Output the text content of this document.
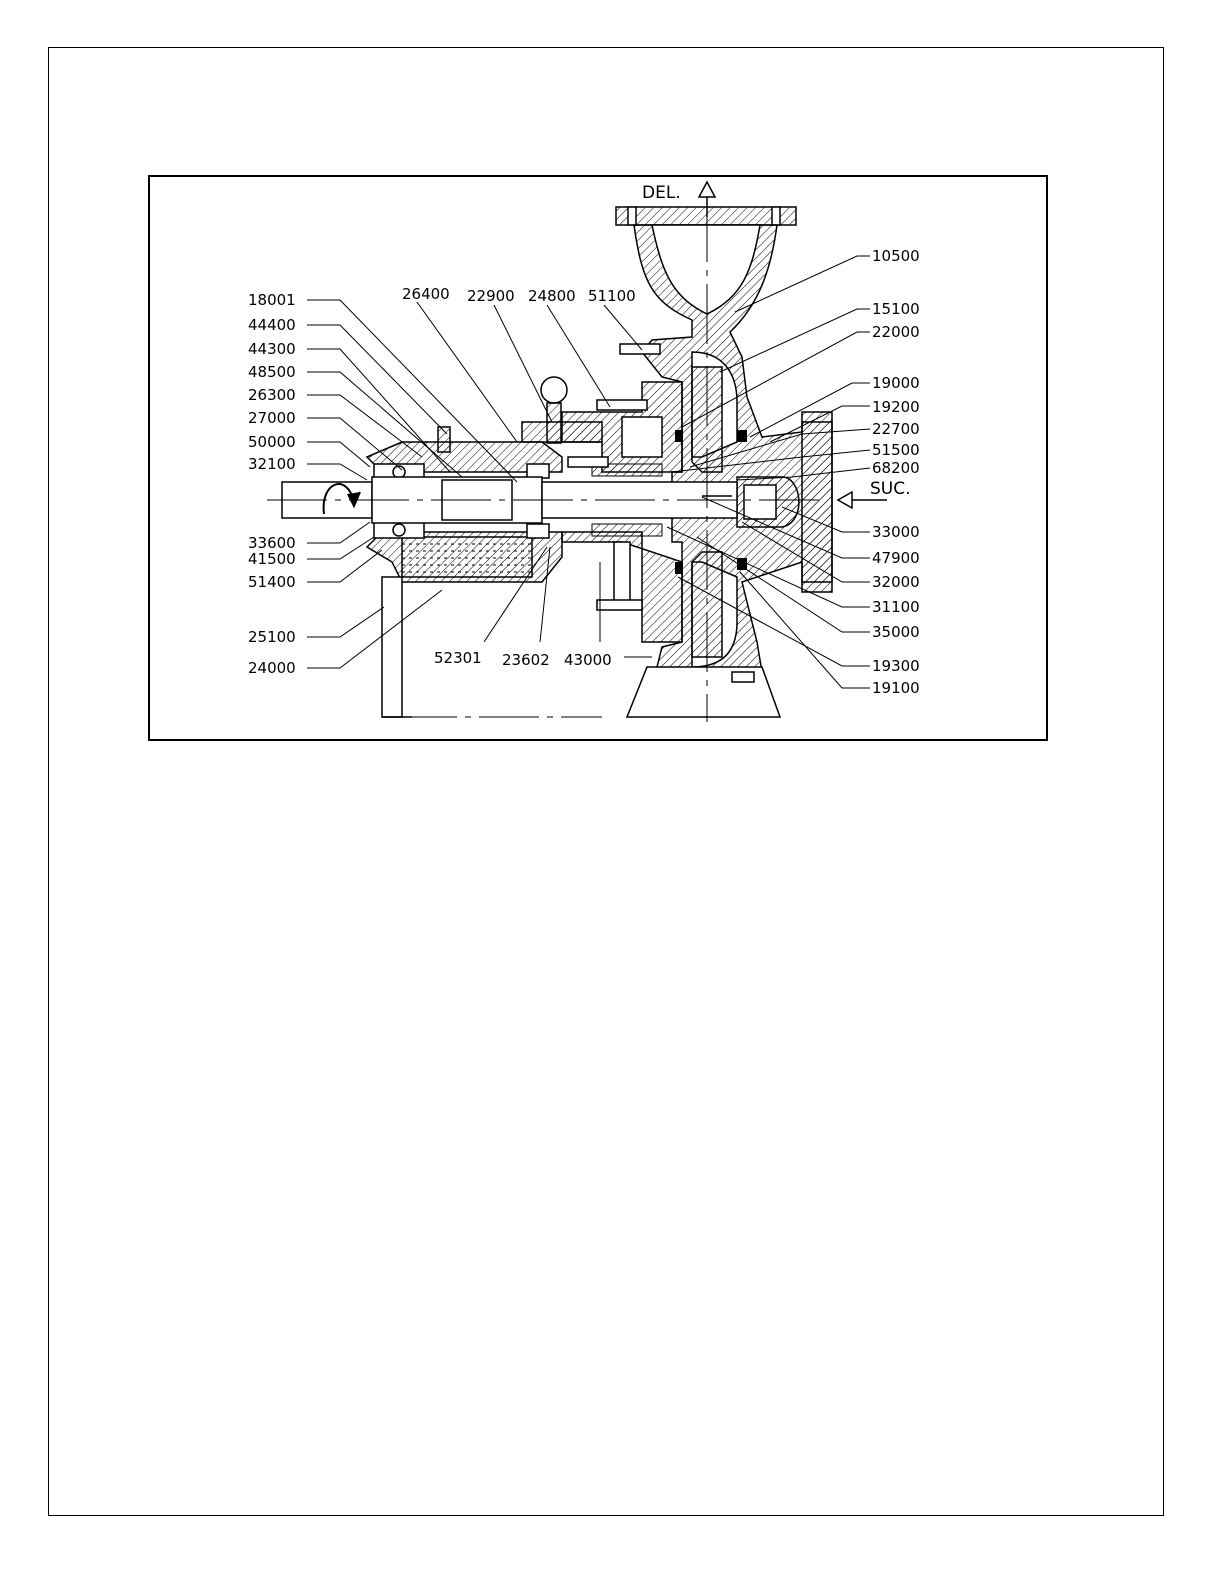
DEL.
SUC.
18001
44400
44300
48500
26300
27000
50000
32100
33600
41500
51400
25100
24000
26400 22900 24800 51100
52301 23602 43000
10500
15100
22000
19000
19200
22700
51500
68200
33000
47900
32000
31100
35000
19300
19100
